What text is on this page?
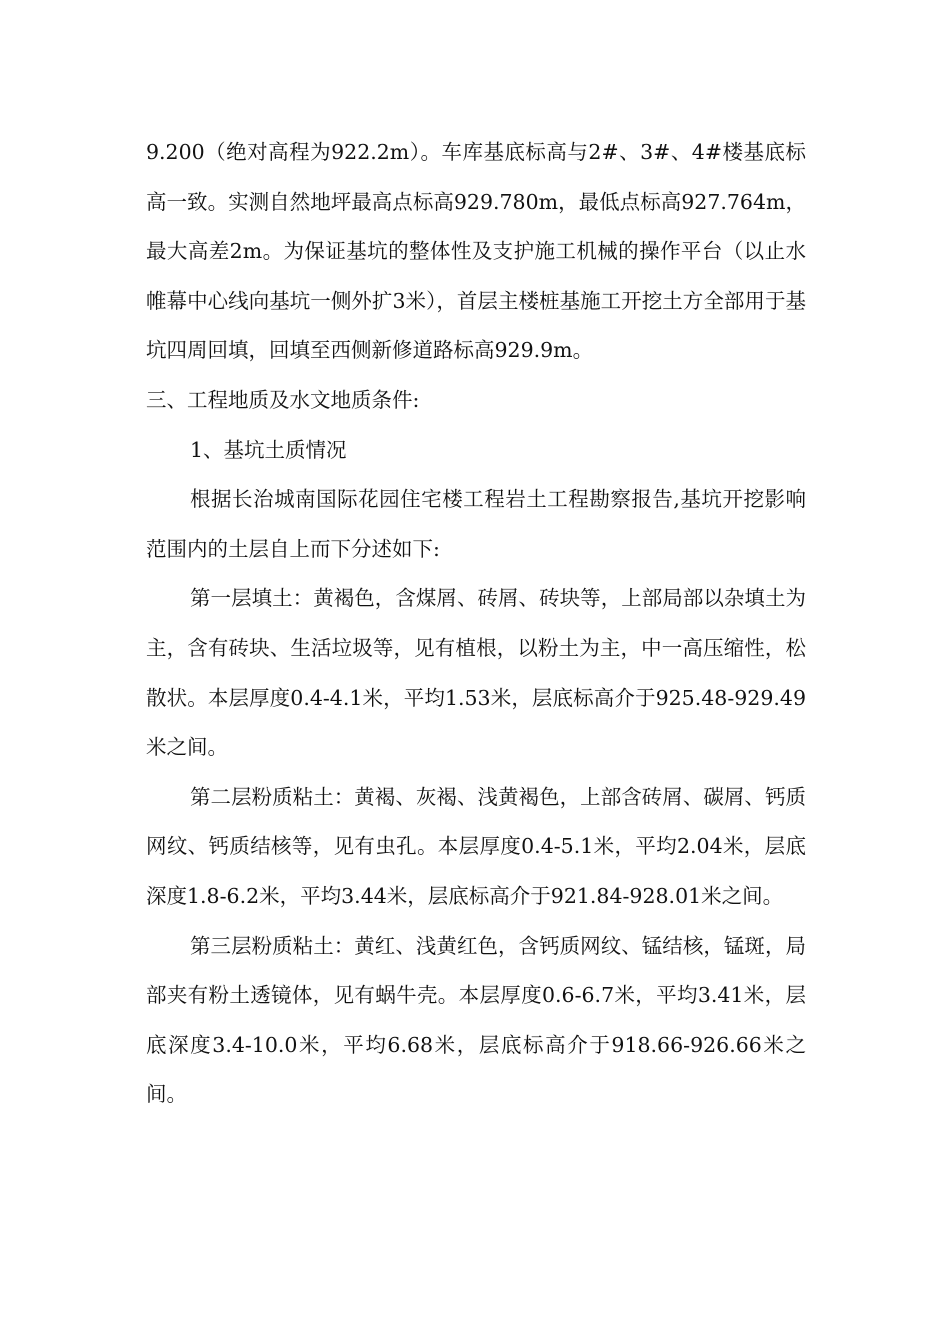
9.200（绝对高程为922.2m）。车库基底标高与2#、3#、4#楼基底标高一致。实测自然地坪最高点标高929.780m，最低点标高927.764m，最大高差2m。为保证基坑的整体性及支护施工机械的操作平台（以止水帷幕中心线向基坑一侧外扩3米），首层主楼桩基施工开挖土方全部用于基坑四周回填，回填至西侧新修道路标高929.9m。

三、工程地质及水文地质条件:

1、基坑土质情况

根据长治城南国际花园住宅楼工程岩土工程勘察报告,基坑开挖影响范围内的土层自上而下分述如下:

第一层填土：黄褐色，含煤屑、砖屑、砖块等，上部局部以杂填土为主，含有砖块、生活垃圾等，见有植根，以粉土为主，中一高压缩性，松散状。本层厚度0.4-4.1米，平均1.53米，层底标高介于925.48-929.49米之间。

第二层粉质粘土：黄褐、灰褐、浅黄褐色，上部含砖屑、碳屑、钙质网纹、钙质结核等，见有虫孔。本层厚度0.4-5.1米，平均2.04米，层底深度1.8-6.2米，平均3.44米，层底标高介于921.84-928.01米之间。

第三层粉质粘土：黄红、浅黄红色，含钙质网纹、锰结核，锰斑，局部夹有粉土透镜体，见有蜗牛壳。本层厚度0.6-6.7米，平均3.41米，层底深度3.4-10.0米，平均6.68米，层底标高介于918.66-926.66米之间。
